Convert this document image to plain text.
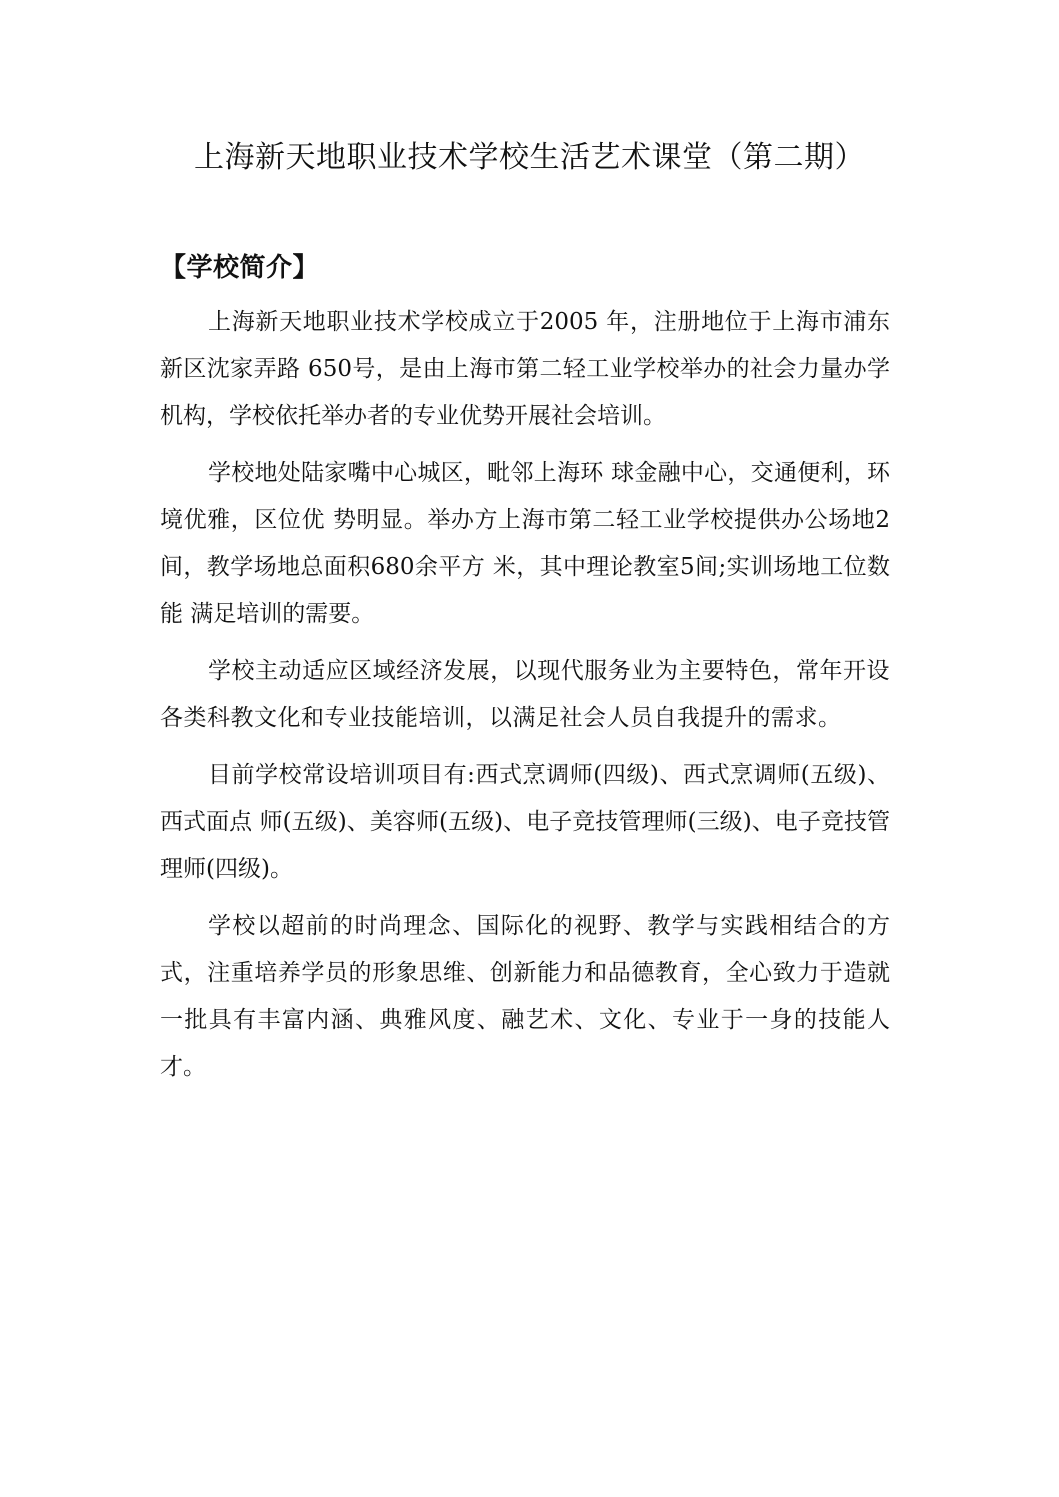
上海新天地职业技术学校生活艺术课堂（第二期）
【学校简介】

上海新天地职业技术学校成立于2005 年，注册地位于上海市浦东新区沈家弄路 650号，是由上海市第二轻工业学校举办的社会力量办学机构，学校依托举办者的专业优势开展社会培训。

学校地处陆家嘴中心城区，毗邻上海环 球金融中心，交通便利，环境优雅，区位优 势明显。举办方上海市第二轻工业学校提供办公场地2间，教学场地总面积680余平方 米，其中理论教室5间;实训场地工位数能 满足培训的需要。

学校主动适应区域经济发展，以现代服务业为主要特色，常年开设各类科教文化和专业技能培训，以满足社会人员自我提升的需求。

目前学校常设培训项目有:西式烹调师(四级)、西式烹调师(五级)、西式面点 师(五级)、美容师(五级)、电子竞技管理师(三级)、电子竞技管理师(四级)。

学校以超前的时尚理念、国际化的视野、教学与实践相结合的方式，注重培养学员的形象思维、创新能力和品德教育，全心致力于造就一批具有丰富内涵、典雅风度、融艺术、文化、专业于一身的技能人才。
